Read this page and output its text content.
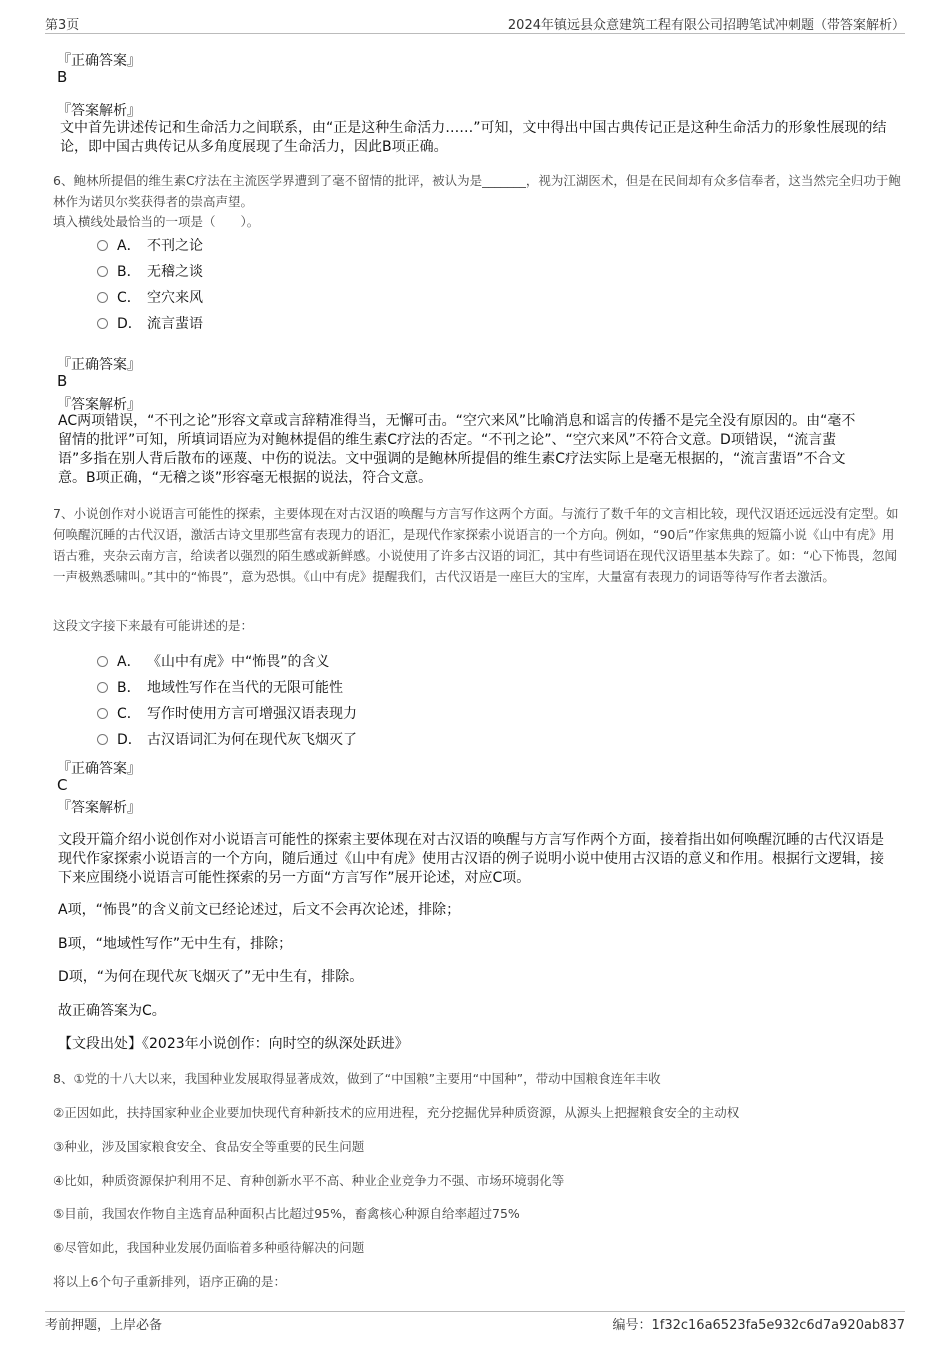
第3页	2024年镇远县众意建筑工程有限公司招聘笔试冲刺题（带答案解析）
『正确答案』
B
『答案解析』
文中首先讲述传记和生命活力之间联系，由“正是这种生命活力……”可知，文中得出中国古典传记正是这种生命活力的形象性展现的结论，即中国古典传记从多角度展现了生命活力，因此B项正确。
6、鲍林所提倡的维生素C疗法在主流医学界遭到了毫不留情的批评，被认为是_______，视为江湖医术，但是在民间却有众多信奉者，这当然完全归功于鲍林作为诺贝尔奖获得者的崇高声望。
填入横线处最恰当的一项是（　　）。
A． 不刊之论
B． 无稽之谈
C． 空穴来风
D． 流言蜚语
『正确答案』
B
『答案解析』
AC两项错误，“不刊之论”形容文章或言辞精准得当，无懈可击。“空穴来风”比喻消息和谣言的传播不是完全没有原因的。由“毫不留情的批评”可知，所填词语应为对鲍林提倡的维生素C疗法的否定。“不刊之论”、“空穴来风”不符合文意。D项错误，“流言蜚语”多指在别人背后散布的诬蔑、中伤的说法。文中强调的是鲍林所提倡的维生素C疗法实际上是毫无根据的，“流言蜚语”不合文意。B项正确，“无稽之谈”形容毫无根据的说法，符合文意。
7、小说创作对小说语言可能性的探索，主要体现在对古汉语的唤醒与方言写作这两个方面。与流行了数千年的文言相比较，现代汉语还远远没有定型。如何唤醒沉睡的古代汉语，激活古诗文里那些富有表现力的语汇，是现代作家探索小说语言的一个方向。例如，“90后”作家焦典的短篇小说《山中有虎》用语古雅，夹杂云南方言，给读者以强烈的陌生感或新鲜感。小说使用了许多古汉语的词汇，其中有些词语在现代汉语里基本失踪了。如：“心下怖畏，忽闻一声极熟悉啸叫。”其中的“怖畏”，意为恐惧。《山中有虎》提醒我们，古代汉语是一座巨大的宝库，大量富有表现力的词语等待写作者去激活。
这段文字接下来最有可能讲述的是：
A． 《山中有虎》中“怖畏”的含义
B． 地域性写作在当代的无限可能性
C． 写作时使用方言可增强汉语表现力
D． 古汉语词汇为何在现代灰飞烟灭了
『正确答案』
C
『答案解析』
文段开篇介绍小说创作对小说语言可能性的探索主要体现在对古汉语的唤醒与方言写作两个方面，接着指出如何唤醒沉睡的古代汉语是现代作家探索小说语言的一个方向，随后通过《山中有虎》使用古汉语的例子说明小说中使用古汉语的意义和作用。根据行文逻辑，接下来应围绕小说语言可能性探索的另一方面“方言写作”展开论述，对应C项。
A项，“怖畏”的含义前文已经论述过，后文不会再次论述，排除；
B项，“地域性写作”无中生有，排除；
D项，“为何在现代灰飞烟灭了”无中生有，排除。
故正确答案为C。
【文段出处】《2023年小说创作：向时空的纵深处跃进》
8、①党的十八大以来，我国种业发展取得显著成效，做到了“中国粮”主要用“中国种”，带动中国粮食连年丰收
②正因如此，扶持国家种业企业要加快现代育种新技术的应用进程，充分挖掘优异种质资源，从源头上把握粮食安全的主动权
③种业，涉及国家粮食安全、食品安全等重要的民生问题
④比如，种质资源保护利用不足、育种创新水平不高、种业企业竞争力不强、市场环境弱化等
⑤目前，我国农作物自主选育品种面积占比超过95%，畜禽核心种源自给率超过75%
⑥尽管如此，我国种业发展仍面临着多种亟待解决的问题
将以上6个句子重新排列，语序正确的是：
考前押题，上岸必备	编号：1f32c16a6523fa5e932c6d7a920ab837
